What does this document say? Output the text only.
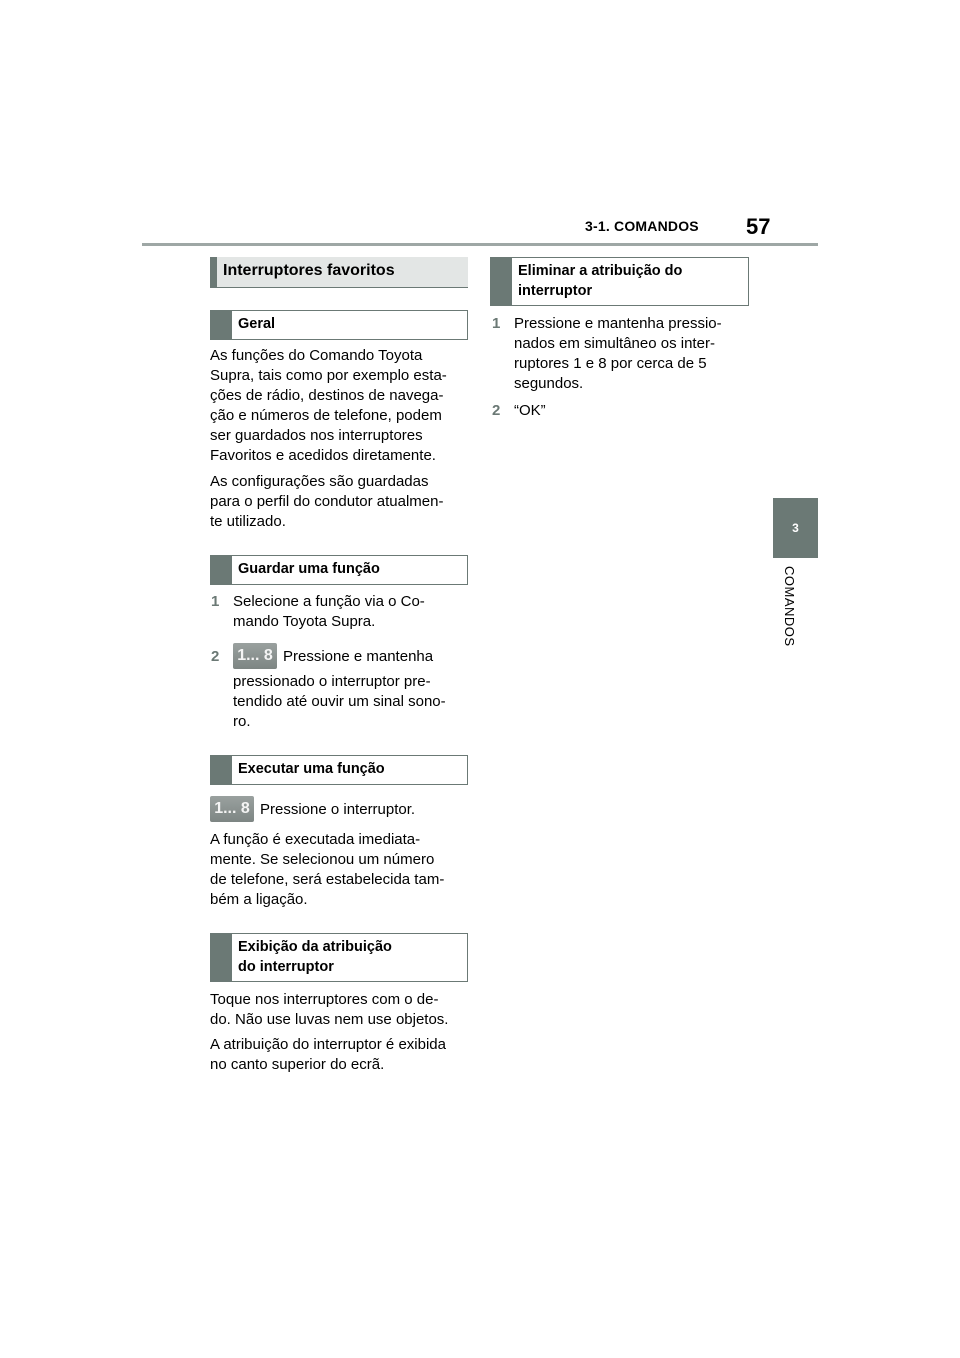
3-1. COMANDOS 57
3
COMANDOS
Interruptores favoritos
Geral
As funções do Comando Toyota
Supra, tais como por exemplo esta-
ções de rádio, destinos de navega-
ção e números de telefone, podem
ser guardados nos interruptores
Favoritos e acedidos diretamente.
As configurações são guardadas
para o perfil do condutor atualmen-
te utilizado.
Guardar uma função
1 Selecione a função via o Co-
mando Toyota Supra.
2 1... 8 Pressione e mantenha
pressionado o interruptor pre-
tendido até ouvir um sinal sono-
ro.
Executar uma função
1... 8 Pressione o interruptor.
A função é executada imediata-
mente. Se selecionou um número
de telefone, será estabelecida tam-
bém a ligação.
Exibição da atribuição
do interruptor
Toque nos interruptores com o de-
do. Não use luvas nem use objetos.
A atribuição do interruptor é exibida
no canto superior do ecrã.
Eliminar a atribuição do
interruptor
1 Pressione e mantenha pressio-
nados em simultâneo os inter-
ruptores 1 e 8 por cerca de 5
segundos.
2 “OK”
